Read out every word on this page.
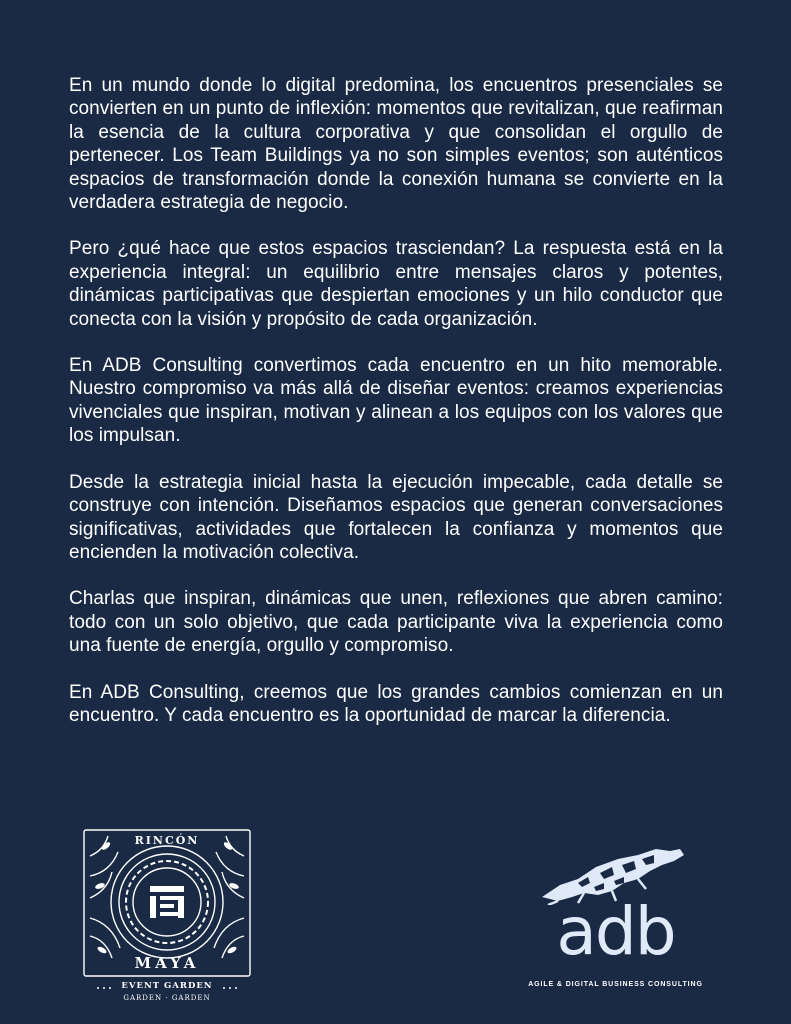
En un mundo donde lo digital predomina, los encuentros presenciales se convierten en un punto de inflexión: momentos que revitalizan, que reafirman la esencia de la cultura corporativa y que consolidan el orgullo de pertenecer. Los Team Buildings ya no son simples eventos; son auténticos espacios de transformación donde la conexión humana se convierte en la verdadera estrategia de negocio.

Pero ¿qué hace que estos espacios trasciendan? La respuesta está en la experiencia integral: un equilibrio entre mensajes claros y potentes, dinámicas participativas que despiertan emociones y un hilo conductor que conecta con la visión y propósito de cada organización.

En ADB Consulting convertimos cada encuentro en un hito memorable. Nuestro compromiso va más allá de diseñar eventos: creamos experiencias vivenciales que inspiran, motivan y alinean a los equipos con los valores que los impulsan.

Desde la estrategia inicial hasta la ejecución impecable, cada detalle se construye con intención. Diseñamos espacios que generan conversaciones significativas, actividades que fortalecen la confianza y momentos que encienden la motivación colectiva.

Charlas que inspiran, dinámicas que unen, reflexiones que abren camino: todo con un solo objetivo, que cada participante viva la experiencia como una fuente de energía, orgullo y compromiso.

En ADB Consulting, creemos que los grandes cambios comienzan en un encuentro. Y cada encuentro es la oportunidad de marcar la diferencia.

RINCÓN
MAYA
EVENT GARDEN
GARDEN · GARDEN
adb
AGILE & DIGITAL BUSINESS CONSULTING
